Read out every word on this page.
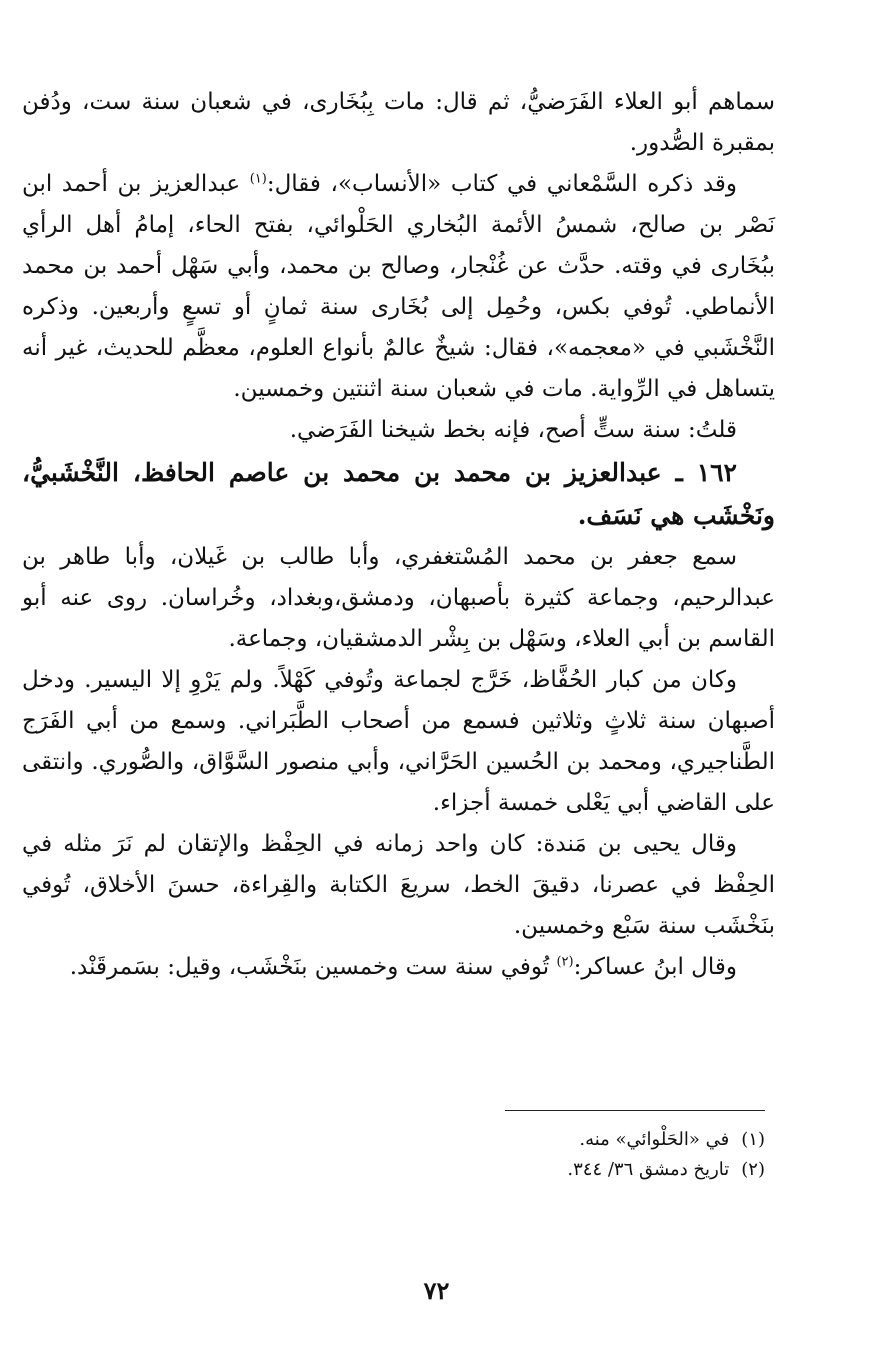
سماهم أبو العلاء الفَرَضيُّ، ثم قال: مات بِبُخَارى، في شعبان سنة ست، ودُفن بمقبرة الصُّدور.

وقد ذكره السَّمْعاني في كتاب «الأنساب»، فقال:$^{(١)}$ عبدالعزيز بن أحمد ابن نَصْر بن صالح، شمسُ الأئمة البُخاري الحَلْوائي، بفتح الحاء، إمامُ أهل الرأي ببُخَارى في وقته. حدَّث عن غُنْجار، وصالح بن محمد، وأبي سَهْل أحمد بن محمد الأنماطي. تُوفي بكس، وحُمِل إلى بُخَارى سنة ثمانٍ أو تسعٍ وأربعين. وذكره النَّخْشَبي في «معجمه»، فقال: شيخٌ عالمٌ بأنواع العلوم، معظَّم للحديث، غير أنه يتساهل في الرِّواية. مات في شعبان سنة اثنتين وخمسين.

قلتُ: سنة ستٍّ أصح، فإنه بخط شيخنا الفَرَضي.

١٦٢ ـ عبدالعزيز بن محمد بن محمد بن عاصم الحافظ، النَّخْشَبيُّ، ونَخْشَب هي نَسَف.

سمع جعفر بن محمد المُسْتغفري، وأبا طالب بن غَيلان، وأبا طاهر بن عبدالرحيم، وجماعة كثيرة بأصبهان، ودمشق،وبغداد، وخُراسان. روى عنه أبو القاسم بن أبي العلاء، وسَهْل بن بِشْر الدمشقيان، وجماعة.

وكان من كبار الحُفَّاظ، خَرَّج لجماعة وتُوفي كَهْلاً. ولم يَرْوِ إلا اليسير. ودخل أصبهان سنة ثلاثٍ وثلاثين فسمع من أصحاب الطَّبَراني. وسمع من أبي الفَرَج الطَّناجيري، ومحمد بن الحُسين الحَرَّاني، وأبي منصور السَّوَّاق، والصُّوري. وانتقى على القاضي أبي يَعْلى خمسة أجزاء.

وقال يحيى بن مَندة: كان واحد زمانه في الحِفْظ والإتقان لم نَرَ مثله في الحِفْظ في عصرنا، دقيقَ الخط، سريعَ الكتابة والقِراءة، حسنَ الأخلاق، تُوفي بنَخْشَب سنة سَبْع وخمسين.

وقال ابنُ عساكر:$^{(٢)}$ تُوفي سنة ست وخمسين بنَخْشَب، وقيل: بسَمرقَنْد.

(١)في «الحَلْوائي» منه.

(٢)تاريخ دمشق ٣٦/ ٣٤٤.

٧٢
